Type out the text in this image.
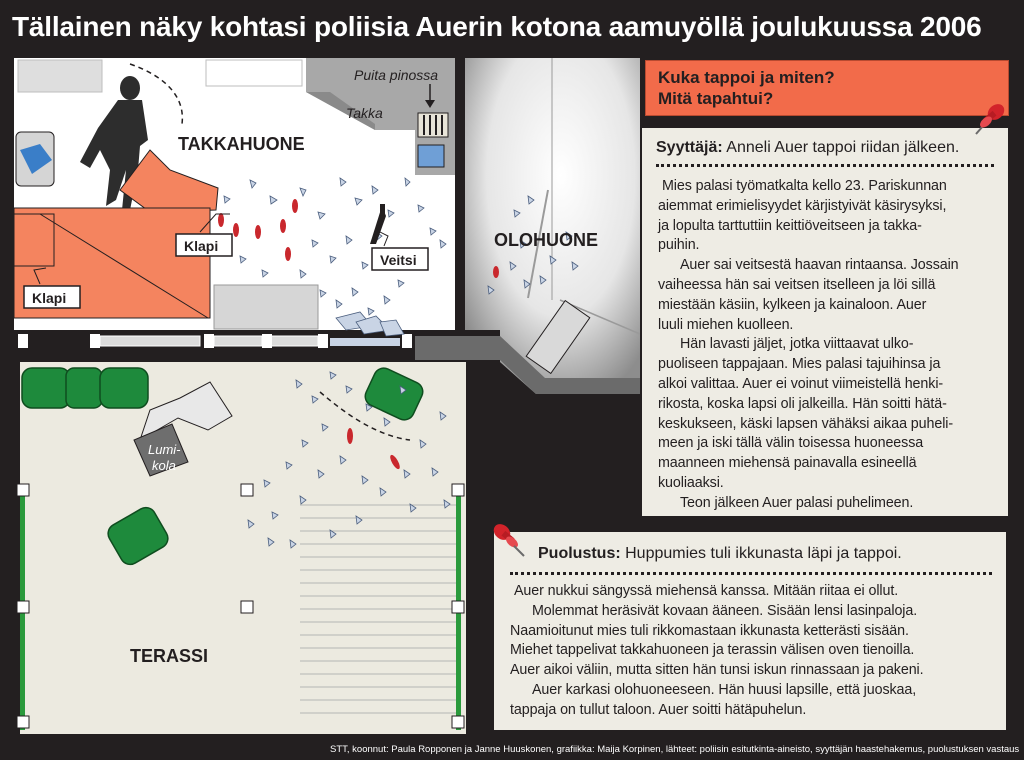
Tällainen näky kohtasi poliisia Auerin kotona aamuyöllä joulukuussa 2006
TAKKAHUONE
OLOHUONE
TERASSI
Puita pinossa
Takka
Lumi-
kola
Klapi
Klapi
Veitsi
Kuka tappoi ja miten?
Mitä tapahtui?
Syyttäjä: Anneli Auer tappoi riidan jälkeen.

Mies palasi työmatkalta kello 23. Pariskunnan

aiemmat erimielisyydet kärjistyivät käsirysyksi,

ja lopulta tarttuttiin keittiöveitseen ja takka-

puihin.

Auer sai veitsestä haavan rintaansa. Jossain

vaiheessa hän sai veitsen itselleen ja löi sillä

miestään käsiin, kylkeen ja kainaloon. Auer

luuli miehen kuolleen.

Hän lavasti jäljet, jotka viittaavat ulko-

puoliseen tappajaan. Mies palasi tajuihinsa ja

alkoi valittaa. Auer ei voinut viimeistellä henki-

rikosta, koska lapsi oli jalkeilla. Hän soitti hätä-

keskukseen, käski lapsen vähäksi aikaa puheli-

meen ja iski tällä välin toisessa huoneessa

maanneen miehensä painavalla esineellä

kuoliaaksi.

Teon jälkeen Auer palasi puhelimeen.

Puolustus: Huppumies tuli ikkunasta läpi ja tappoi.

Auer nukkui sängyssä miehensä kanssa. Mitään riitaa ei ollut.

Molemmat heräsivät kovaan ääneen. Sisään lensi lasinpaloja.

Naamioitunut mies tuli rikkomastaan ikkunasta ketterästi sisään.

Miehet tappelivat takkahuoneen ja terassin välisen oven tienoilla.

Auer aikoi väliin, mutta sitten hän tunsi iskun rinnassaan ja pakeni.

Auer karkasi olohuoneeseen. Hän huusi lapsille, että juoskaa,

tappaja on tullut taloon. Auer soitti hätäpuhelun.

STT, koonnut: Paula Ropponen ja Janne Huuskonen, grafiikka: Maija Korpinen, lähteet: poliisin esitutkinta-aineisto, syyttäjän haastehakemus, puolustuksen vastaus
